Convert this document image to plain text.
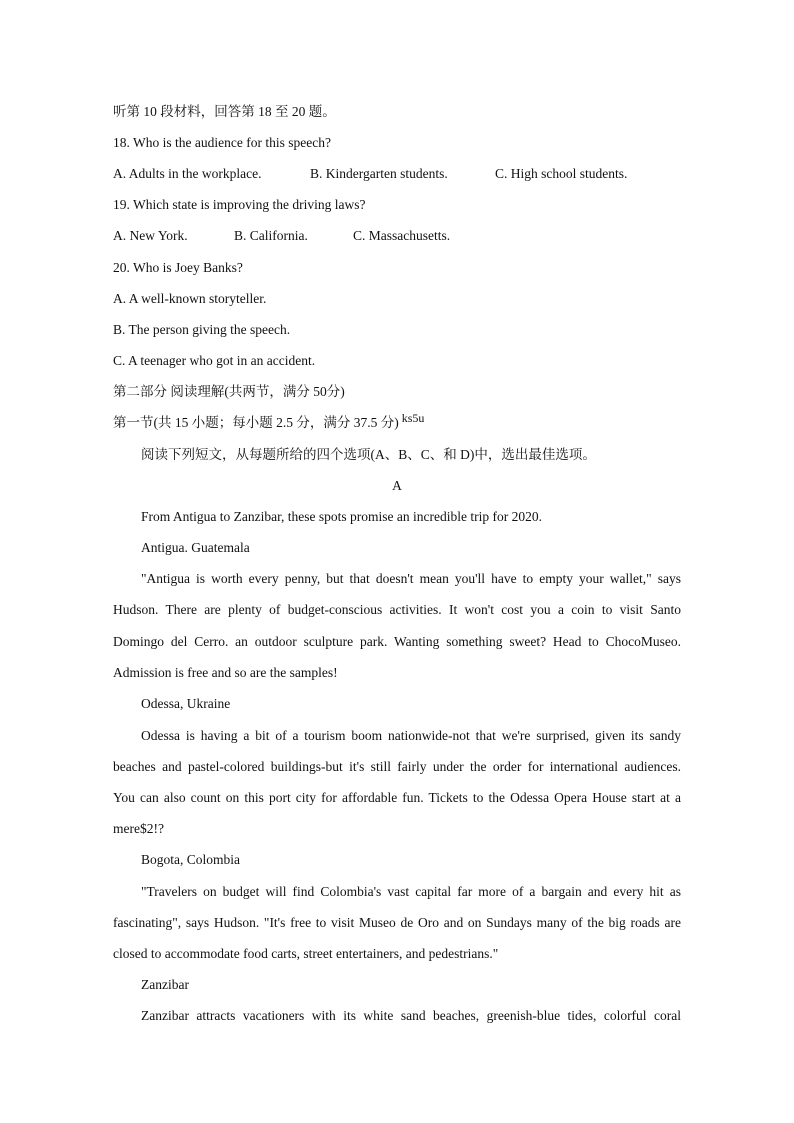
听第 10 段材料，回答第 18 至 20 题。
18. Who is the audience for this speech?
A. Adults in the workplace.	B. Kindergarten students.	C. High school students.
19. Which state is improving the driving laws?
A. New York.	B. California.	C. Massachusetts.
20. Who is Joey Banks?
A. A well-known storyteller.
B. The person giving the speech.
C. A teenager who got in an accident.
第二部分 阅读理解(共两节，满分 50分)
第一节(共 15 小题；每小题 2.5 分，满分 37.5 分) ks5u
阅读下列短文，从每题所给的四个选项(A、B、C、和 D)中，选出最佳选项。
A
From Antigua to Zanzibar, these spots promise an incredible trip for 2020.
Antigua. Guatemala
"Antigua is worth every penny, but that doesn't mean you'll have to empty your wallet," says
Hudson. There are plenty of budget-conscious activities. It won't cost you a coin to visit Santo
Domingo del Cerro. an outdoor sculpture park. Wanting something sweet? Head to ChocoMuseo.
Admission is free and so are the samples!
Odessa, Ukraine
Odessa is having a bit of a tourism boom nationwide-not that we're surprised, given its sandy
beaches and pastel-colored buildings-but it's still fairly under the order for international audiences.
You can also count on this port city for affordable fun. Tickets to the Odessa Opera House start at a
mere$2!?
Bogota, Colombia
"Travelers on budget will find Colombia's vast capital far more of a bargain and every hit as
fascinating", says Hudson. "It's free to visit Museo de Oro and on Sundays many of the big roads are
closed to accommodate food carts, street entertainers, and pedestrians."
Zanzibar
Zanzibar attracts vacationers with its white sand beaches, greenish-blue tides, colorful coral
